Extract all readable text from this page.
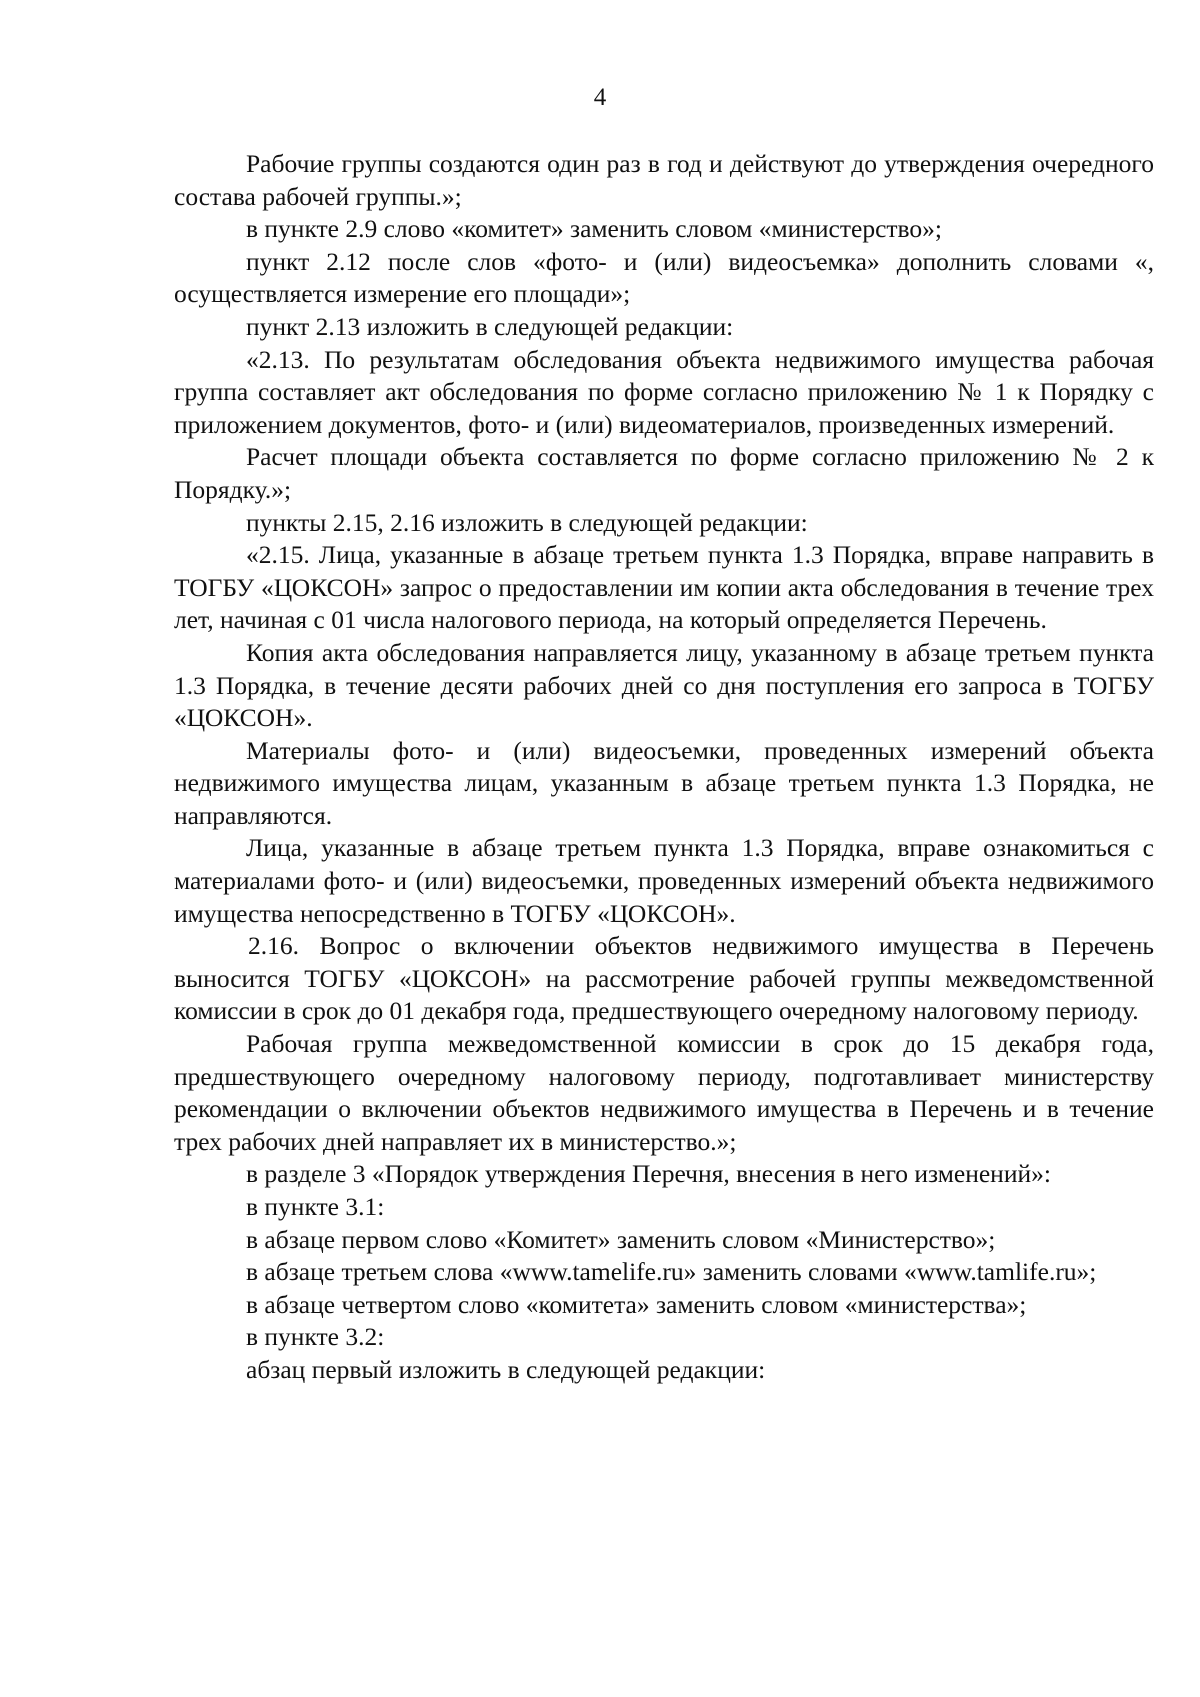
4

Рабочие группы создаются один раз в год и действуют до утверждения очередного состава рабочей группы.»;

в пункте 2.9 слово «комитет» заменить словом «министерство»;

пункт 2.12 после слов «фото- и (или) видеосъемка» дополнить словами «, осуществляется измерение его площади»;

пункт 2.13 изложить в следующей редакции:

«2.13. По результатам обследования объекта недвижимого имущества рабочая группа составляет акт обследования по форме согласно приложению № 1 к Порядку с приложением документов, фото- и (или) видеоматериалов, произведенных измерений.

Расчет площади объекта составляется по форме согласно приложению № 2 к Порядку.»;

пункты 2.15, 2.16 изложить в следующей редакции:

«2.15. Лица, указанные в абзаце третьем пункта 1.3 Порядка, вправе направить в ТОГБУ «ЦОКСОН» запрос о предоставлении им копии акта обследования в течение трех лет, начиная с 01 числа налогового периода, на который определяется Перечень.

Копия акта обследования направляется лицу, указанному в абзаце третьем пункта 1.3 Порядка, в течение десяти рабочих дней со дня поступления его запроса в ТОГБУ «ЦОКСОН».

Материалы фото- и (или) видеосъемки, проведенных измерений объекта недвижимого имущества лицам, указанным в абзаце третьем пункта 1.3 Порядка, не направляются.

Лица, указанные в абзаце третьем пункта 1.3 Порядка, вправе ознакомиться с материалами фото- и (или) видеосъемки, проведенных измерений объекта недвижимого имущества непосредственно в ТОГБУ «ЦОКСОН».

2.16. Вопрос о включении объектов недвижимого имущества в Перечень выносится ТОГБУ «ЦОКСОН» на рассмотрение рабочей группы межведомственной комиссии в срок до 01 декабря года, предшествующего очередному налоговому периоду.

Рабочая группа межведомственной комиссии в срок до 15 декабря года, предшествующего очередному налоговому периоду, подготавливает министерству рекомендации о включении объектов недвижимого имущества в Перечень и в течение трех рабочих дней направляет их в министерство.»;

в разделе 3 «Порядок утверждения Перечня, внесения в него изменений»:

в пункте 3.1:

в абзаце первом слово «Комитет» заменить словом «Министерство»;

в абзаце третьем слова «www.tamelife.ru» заменить словами «www.tamlife.ru»;

в абзаце четвертом слово «комитета» заменить словом «министерства»;

в пункте 3.2:

абзац первый изложить в следующей редакции:
